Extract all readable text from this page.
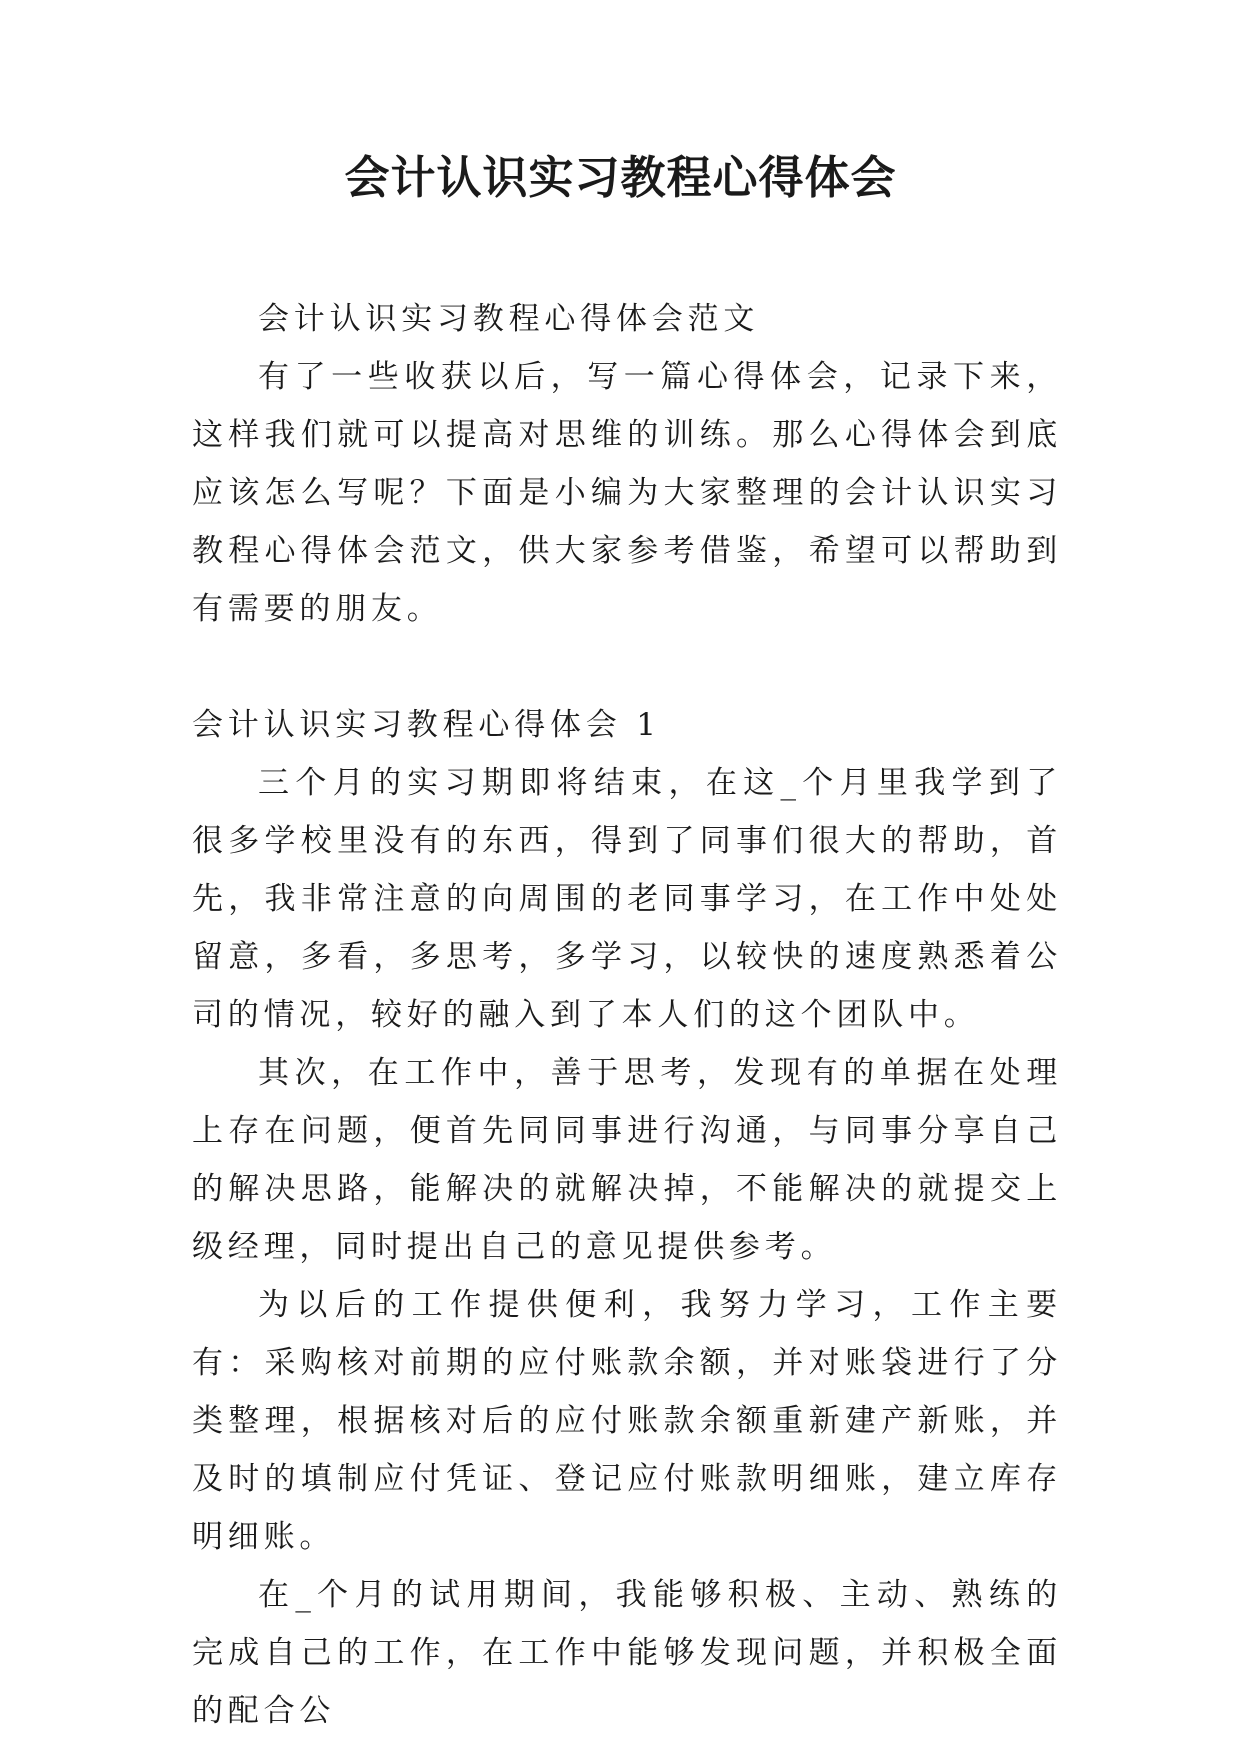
会计认识实习教程心得体会

会计认识实习教程心得体会范文

有了一些收获以后，写一篇心得体会，记录下来，这样我们就可以提高对思维的训练。那么心得体会到底应该怎么写呢？下面是小编为大家整理的会计认识实习教程心得体会范文，供大家参考借鉴，希望可以帮助到有需要的朋友。

会计认识实习教程心得体会 1

三个月的实习期即将结束，在这_个月里我学到了很多学校里没有的东西，得到了同事们很大的帮助，首先，我非常注意的向周围的老同事学习，在工作中处处留意，多看，多思考，多学习，以较快的速度熟悉着公司的情况，较好的融入到了本人们的这个团队中。

其次，在工作中，善于思考，发现有的单据在处理上存在问题，便首先同同事进行沟通，与同事分享自己的解决思路，能解决的就解决掉，不能解决的就提交上级经理，同时提出自己的意见提供参考。

为以后的工作提供便利，我努力学习，工作主要有：采购核对前期的应付账款余额，并对账袋进行了分类整理，根据核对后的应付账款余额重新建产新账，并及时的填制应付凭证、登记应付账款明细账，建立库存明细账。

在_个月的试用期间，我能够积极、主动、熟练的完成自己的工作，在工作中能够发现问题，并积极全面的配合公
